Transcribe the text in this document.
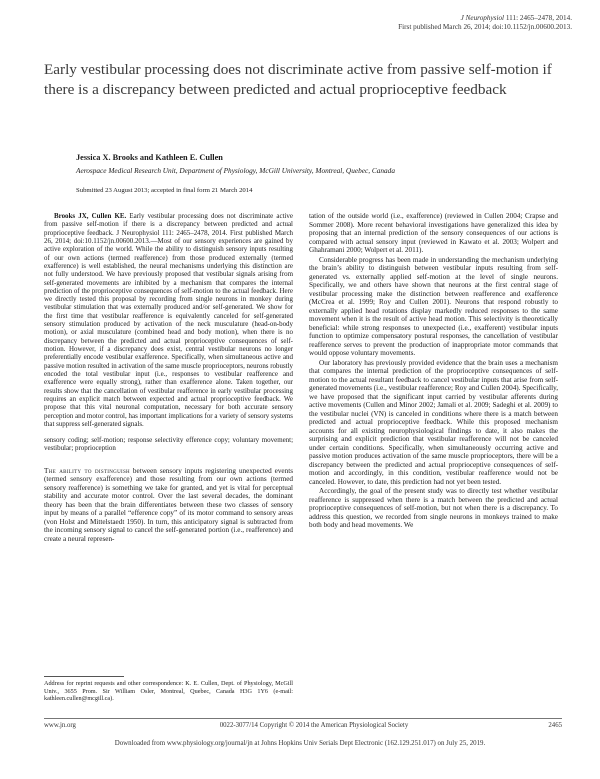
J Neurophysiol 111: 2465–2478, 2014.
First published March 26, 2014; doi:10.1152/jn.00600.2013.
Early vestibular processing does not discriminate active from passive self-motion if there is a discrepancy between predicted and actual proprioceptive feedback
Jessica X. Brooks and Kathleen E. Cullen
Aerospace Medical Research Unit, Department of Physiology, McGill University, Montreal, Quebec, Canada
Submitted 23 August 2013; accepted in final form 21 March 2014

Brooks JX, Cullen KE. Early vestibular processing does not discriminate active from passive self-motion if there is a discrepancy between predicted and actual proprioceptive feedback. J Neurophysiol 111: 2465–2478, 2014. First published March 26, 2014; doi:10.1152/jn.00600.2013.—Most of our sensory experiences are gained by active exploration of the world. While the ability to distinguish sensory inputs resulting of our own actions (termed reafference) from those produced externally (termed exafference) is well established, the neural mechanisms underlying this distinction are not fully understood. We have previously proposed that vestibular signals arising from self-generated movements are inhibited by a mechanism that compares the internal prediction of the proprioceptive consequences of self-motion to the actual feedback. Here we directly tested this proposal by recording from single neurons in monkey during vestibular stimulation that was externally produced and/or self-generated. We show for the first time that vestibular reafference is equivalently canceled for self-generated sensory stimulation produced by activation of the neck musculature (head-on-body motion), or axial musculature (combined head and body motion), when there is no discrepancy between the predicted and actual proprioceptive consequences of self-motion. However, if a discrepancy does exist, central vestibular neurons no longer preferentially encode vestibular exafference. Specifically, when simultaneous active and passive motion resulted in activation of the same muscle proprioceptors, neurons robustly encoded the total vestibular input (i.e., responses to vestibular reafference and exafference were equally strong), rather than exafference alone. Taken together, our results show that the cancellation of vestibular reafference in early vestibular processing requires an explicit match between expected and actual proprioceptive feedback. We propose that this vital neuronal computation, necessary for both accurate sensory perception and motor control, has important implications for a variety of sensory systems that suppress self-generated signals.

sensory coding; self-motion; response selectivity efference copy; voluntary movement; vestibular; proprioception

The ability to distinguish between sensory inputs registering unexpected events (termed sensory exafference) and those resulting from our own actions (termed sensory reafference) is something we take for granted, and yet is vital for perceptual stability and accurate motor control. Over the last several decades, the dominant theory has been that the brain differentiates between these two classes of sensory input by means of a parallel “efference copy” of its motor command to sensory areas (von Holst and Mittelstaedt 1950). In turn, this anticipatory signal is subtracted from the incoming sensory signal to cancel the self-generated portion (i.e., reafference) and create a neural represen-

tation of the outside world (i.e., exafference) (reviewed in Cullen 2004; Crapse and Sommer 2008). More recent behavioral investigations have generalized this idea by proposing that an internal prediction of the sensory consequences of our actions is compared with actual sensory input (reviewed in Kawato et al. 2003; Wolpert and Ghahramani 2000; Wolpert et al. 2011).

Considerable progress has been made in understanding the mechanism underlying the brain’s ability to distinguish between vestibular inputs resulting from self-generated vs. externally applied self-motion at the level of single neurons. Specifically, we and others have shown that neurons at the first central stage of vestibular processing make the distinction between reafference and exafference (McCrea et al. 1999; Roy and Cullen 2001). Neurons that respond robustly to externally applied head rotations display markedly reduced responses to the same movement when it is the result of active head motion. This selectivity is theoretically beneficial: while strong responses to unexpected (i.e., exafferent) vestibular inputs function to optimize compensatory postural responses, the cancellation of vestibular reafference serves to prevent the production of inappropriate motor commands that would oppose voluntary movements.

Our laboratory has previously provided evidence that the brain uses a mechanism that compares the internal prediction of the proprioceptive consequences of self-motion to the actual resultant feedback to cancel vestibular inputs that arise from self-generated movements (i.e., vestibular reafference; Roy and Cullen 2004). Specifically, we have proposed that the significant input carried by vestibular afferents during active movements (Cullen and Minor 2002; Jamali et al. 2009; Sadeghi et al. 2009) to the vestibular nuclei (VN) is canceled in conditions where there is a match between predicted and actual proprioceptive feedback. While this proposed mechanism accounts for all existing neurophysiological findings to date, it also makes the surprising and explicit prediction that vestibular reafference will not be canceled under certain conditions. Specifically, when simultaneously occurring active and passive motion produces activation of the same muscle proprioceptors, there will be a discrepancy between the predicted and actual proprioceptive consequences of self-motion and accordingly, in this condition, vestibular reafference would not be canceled. However, to date, this prediction had not yet been tested.

Accordingly, the goal of the present study was to directly test whether vestibular reafference is suppressed when there is a match between the predicted and actual proprioceptive consequences of self-motion, but not when there is a discrepancy. To address this question, we recorded from single neurons in monkeys trained to make both body and head movements. We

Address for reprint requests and other correspondence: K. E. Cullen, Dept. of Physiology, McGill Univ., 3655 Prom. Sir William Osler, Montreal, Quebec, Canada H3G 1Y6 (e-mail: kathleen.cullen@mcgill.ca).
www.jn.org	0022-3077/14 Copyright © 2014 the American Physiological Society	2465
Downloaded from www.physiology.org/journal/jn at Johns Hopkins Univ Serials Dept Electronic (162.129.251.017) on July 25, 2019.
